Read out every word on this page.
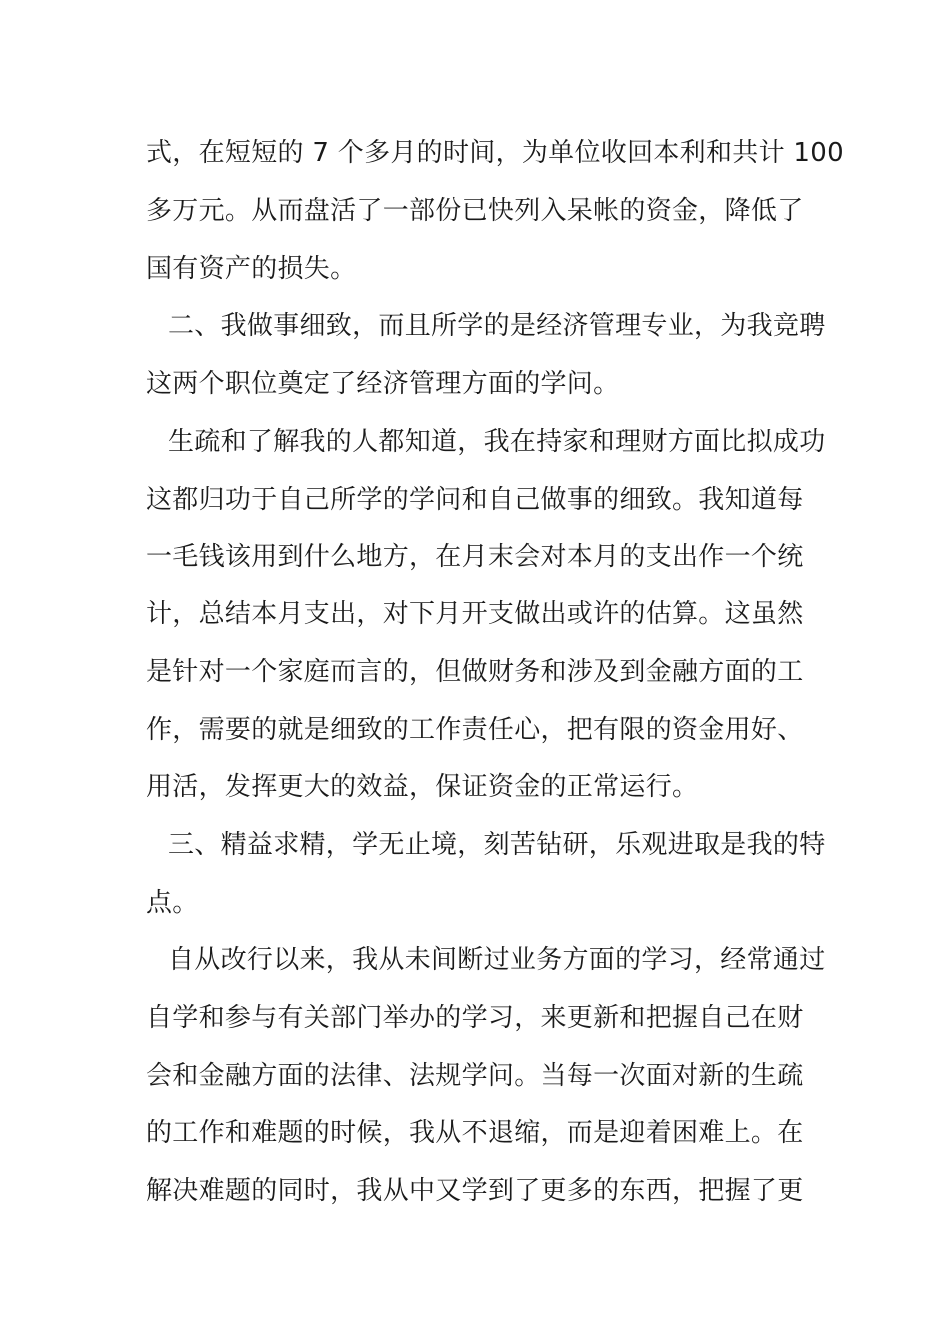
式，在短短的 7 个多月的时间，为单位收回本利和共计 100
多万元。从而盘活了一部份已快列入呆帐的资金，降低了
国有资产的损失。
二、我做事细致，而且所学的是经济管理专业，为我竞聘
这两个职位奠定了经济管理方面的学问。
生疏和了解我的人都知道，我在持家和理财方面比拟成功
这都归功于自己所学的学问和自己做事的细致。我知道每
一毛钱该用到什么地方，在月末会对本月的支出作一个统
计，总结本月支出，对下月开支做出或许的估算。这虽然
是针对一个家庭而言的，但做财务和涉及到金融方面的工
作，需要的就是细致的工作责任心，把有限的资金用好、
用活，发挥更大的效益，保证资金的正常运行。
三、精益求精，学无止境，刻苦钻研，乐观进取是我的特
点。
自从改行以来，我从未间断过业务方面的学习，经常通过
自学和参与有关部门举办的学习，来更新和把握自己在财
会和金融方面的法律、法规学问。当每一次面对新的生疏
的工作和难题的时候，我从不退缩，而是迎着困难上。在
解决难题的同时，我从中又学到了更多的东西，把握了更
